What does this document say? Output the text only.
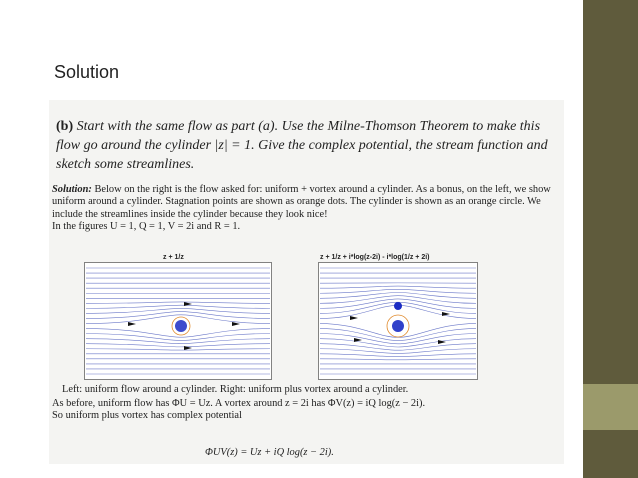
Solution
(b) Start with the same flow as part (a). Use the Milne-Thomson Theorem to make this flow go around the cylinder |z| = 1. Give the complex potential, the stream function and sketch some streamlines.
Solution: Below on the right is the flow asked for: uniform + vortex around a cylinder. As a bonus, on the left, we show uniform around a cylinder. Stagnation points are shown as orange dots. The cylinder is shown as an orange circle. We include the streamlines inside the cylinder because they look nice!
In the figures U = 1, Q = 1, V = 2i and R = 1.
z + 1/z	z + 1/z + i*log(z-2i) - i*log(1/z + 2i)
Left: uniform flow around a cylinder. Right: uniform plus vortex around a cylinder.
As before, uniform flow has ΦU = Uz. A vortex around z = 2i has ΦV(z) = iQ log(z − 2i).
So uniform plus vortex has complex potential
ΦUV(z) = Uz + iQ log(z − 2i).
